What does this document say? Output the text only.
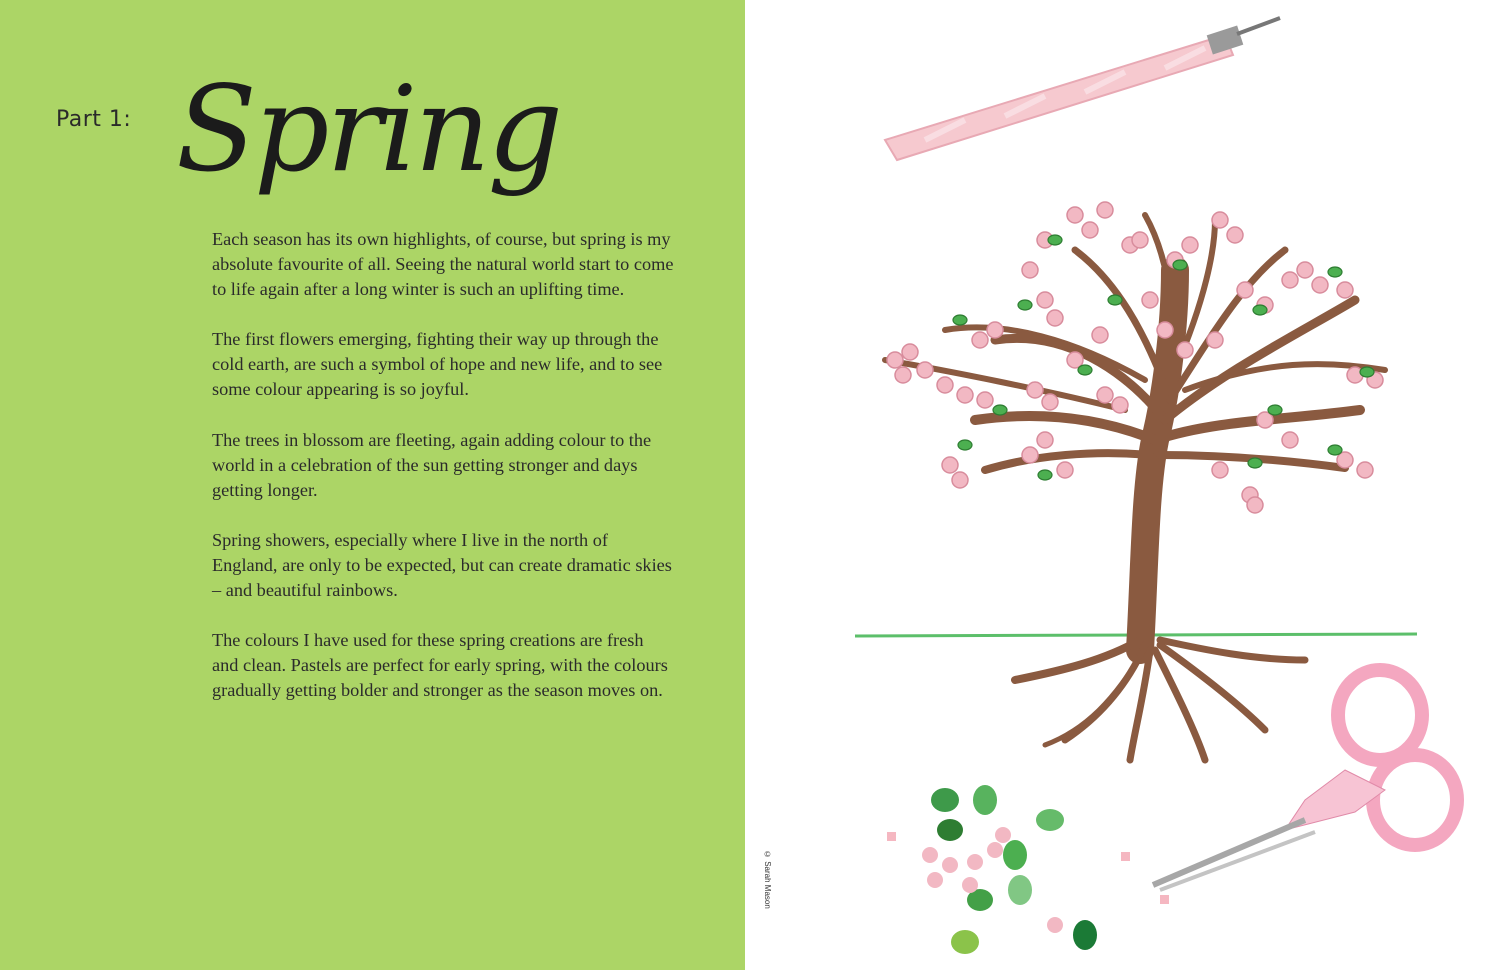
Part 1: Spring

Each season has its own highlights, of course, but spring is my absolute favourite of all. Seeing the natural world start to come to life again after a long winter is such an uplifting time.

The first flowers emerging, fighting their way up through the cold earth, are such a symbol of hope and new life, and to see some colour appearing is so joyful.

The trees in blossom are fleeting, again adding colour to the world in a celebration of the sun getting stronger and days getting longer.

Spring showers, especially where I live in the north of England, are only to be expected, but can create dramatic skies – and beautiful rainbows.

The colours I have used for these spring creations are fresh and clean. Pastels are perfect for early spring, with the colours gradually getting bolder and stronger as the season moves on.

© Sarah Mason
